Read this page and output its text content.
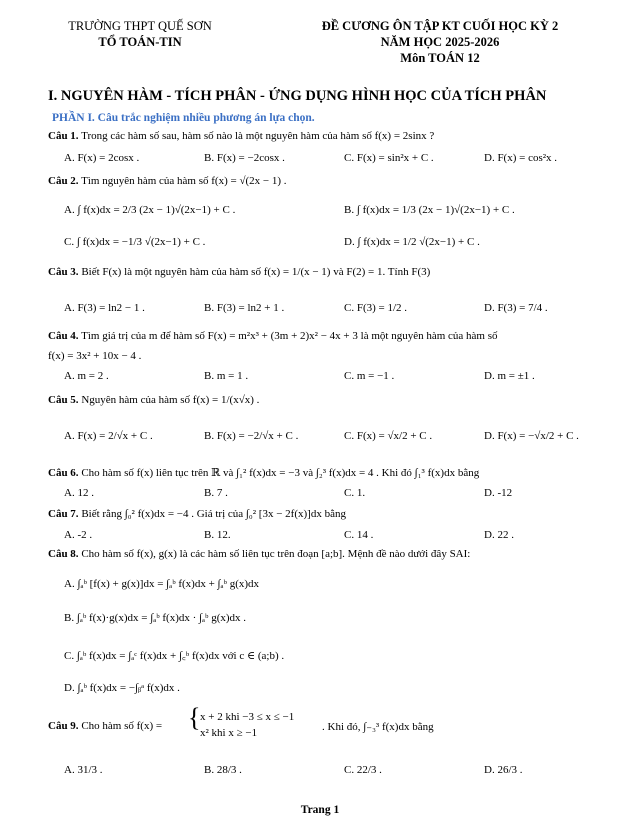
TRƯỜNG THPT QUẾ SƠN
TỔ TOÁN-TIN
ĐỀ CƯƠNG ÔN TẬP KT CUỐI HỌC KỲ 2
NĂM HỌC 2025-2026
Môn TOÁN 12
I. NGUYÊN HÀM - TÍCH PHÂN - ỨNG DỤNG HÌNH HỌC CỦA TÍCH PHÂN
PHẦN I. Câu trắc nghiệm nhiều phương án lựa chọn.
Câu 1. Trong các hàm số sau, hàm số nào là một nguyên hàm của hàm số f(x) = 2sinx ?
A. F(x) = 2cosx .	B. F(x) = −2cosx .	C. F(x) = sin²x + C .	D. F(x) = cos²x .
Câu 2. Tìm nguyên hàm của hàm số f(x) = √(2x − 1) .
A. ∫ f(x)dx = 2/3 (2x − 1)√(2x−1) + C .	B. ∫ f(x)dx = 1/3 (2x − 1)√(2x−1) + C .
C. ∫ f(x)dx = −1/3 √(2x−1) + C .	D. ∫ f(x)dx = 1/2 √(2x−1) + C .
Câu 3. Biết F(x) là một nguyên hàm của hàm số f(x) = 1/(x − 1) và F(2) = 1. Tính F(3)
A. F(3) = ln2 − 1 .	B. F(3) = ln2 + 1 .	C. F(3) = 1/2 .	D. F(3) = 7/4 .
Câu 4. Tìm giá trị của m để hàm số F(x) = m²x³ + (3m + 2)x² − 4x + 3 là một nguyên hàm của hàm số
f(x) = 3x² + 10x − 4 .
A. m = 2 .	B. m = 1 .	C. m = −1 .	D. m = ±1 .
Câu 5. Nguyên hàm của hàm số f(x) = 1/(x√x) .
A. F(x) = 2/√x + C .	B. F(x) = −2/√x + C .	C. F(x) = √x/2 + C .	D. F(x) = −√x/2 + C .
Câu 6. Cho hàm số f(x) liên tục trên ℝ và ∫₁² f(x)dx = −3 và ∫₂³ f(x)dx = 4 . Khi đó ∫₁³ f(x)dx bằng
A. 12 .	B. 7 .	C. 1.	D. -12
Câu 7. Biết rằng ∫₀² f(x)dx = −4 . Giá trị của ∫₀² [3x − 2f(x)]dx bằng
A. -2 .	B. 12.	C. 14 .	D. 22 .
Câu 8. Cho hàm số f(x), g(x) là các hàm số liên tục trên đoạn [a;b]. Mệnh đề nào dưới đây SAI:
A. ∫ₐᵇ [f(x) + g(x)]dx = ∫ₐᵇ f(x)dx + ∫ₐᵇ g(x)dx
B. ∫ₐᵇ f(x)·g(x)dx = ∫ₐᵇ f(x)dx · ∫ₐᵇ g(x)dx .
C. ∫ₐᵇ f(x)dx = ∫ₐᶜ f(x)dx + ∫꜀ᵇ f(x)dx với c ∈ (a;b) .
D. ∫ₐᵇ f(x)dx = −∫ᵦᵃ f(x)dx .
Câu 9. Cho hàm số f(x) = { x + 2 khi −3 ≤ x ≤ −1
x² khi x ≥ −1	. Khi đó, ∫₋₃³ f(x)dx bằng
A. 31/3 .	B. 28/3 .	C. 22/3 .	D. 26/3 .
Trang 1
